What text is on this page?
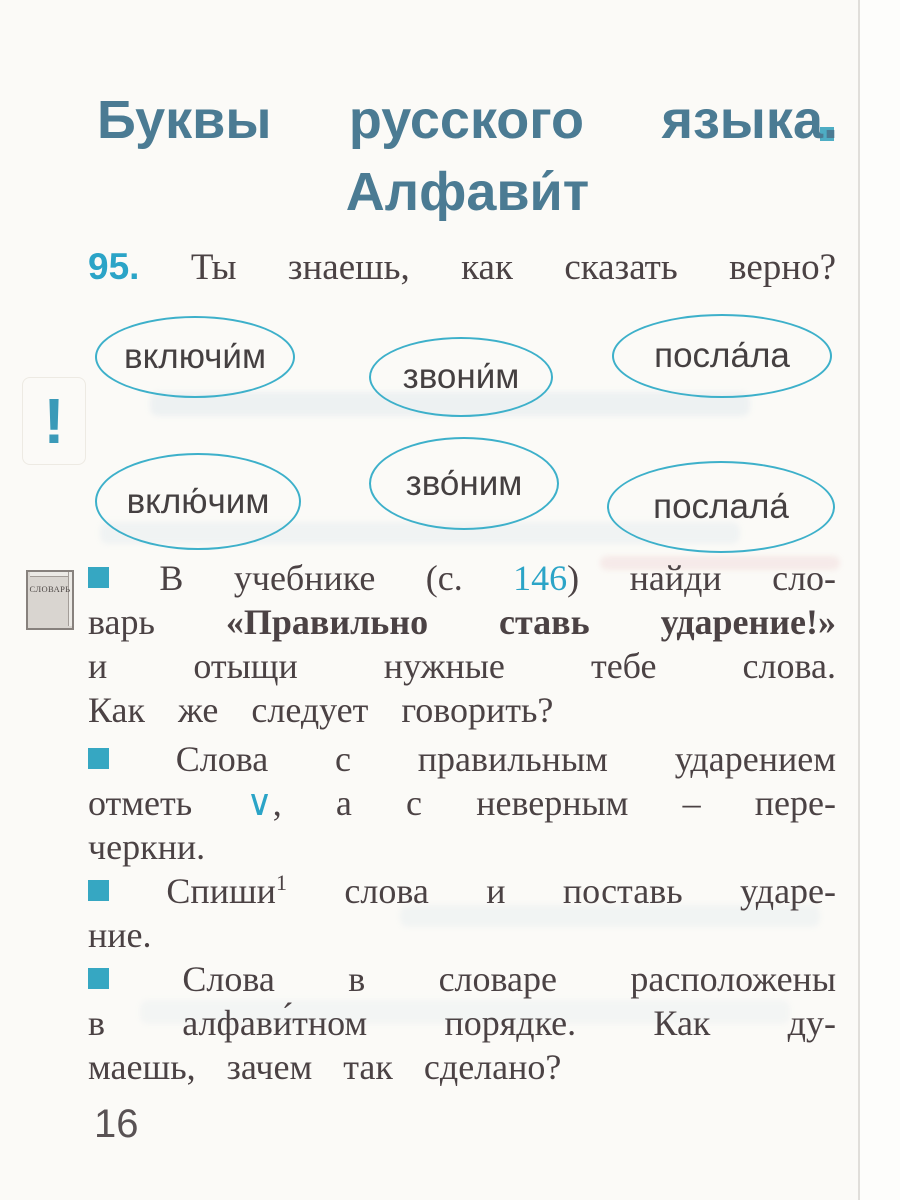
Буквы русского языка.
Алфави́т
95. Ты знаешь, как сказать верно?
включи́м
звони́м
посла́ла
!
вклю́чим	зво́ним
послала́
СЛОВАРЬ	В учебнике (с. 146) найди сло-
варь «Правильно ставь ударение!»
и отыщи нужные тебе слова.
Как же следует говорить?
Слова с правильным ударением
отметь ∨, а с неверным – пере-
черкни.
Спиши$^1$ слова и поставь ударе-
ние.
Слова в словаре расположены
в алфави́тном порядке. Как ду-
маешь, зачем так сделано?
16
